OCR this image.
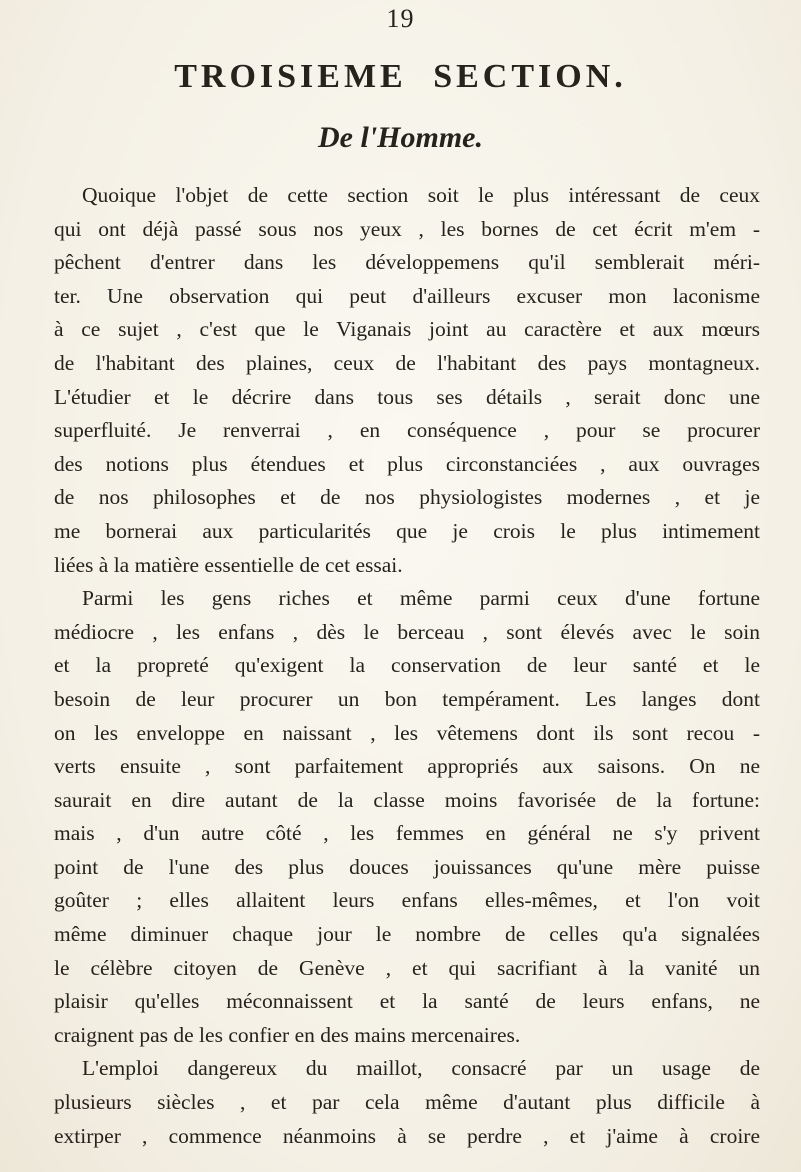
19
TROISIEME SECTION.
De l'Homme.
Quoique l'objet de cette section soit le plus intéressant de ceux
qui ont déjà passé sous nos yeux , les bornes de cet écrit m'em -
pêchent d'entrer dans les développemens qu'il semblerait méri-
ter. Une observation qui peut d'ailleurs excuser mon laconisme
à ce sujet , c'est que le Viganais joint au caractère et aux mœurs
de l'habitant des plaines, ceux de l'habitant des pays montagneux.
L'étudier et le décrire dans tous ses détails , serait donc une
superfluité. Je renverrai , en conséquence , pour se procurer
des notions plus étendues et plus circonstanciées , aux ouvrages
de nos philosophes et de nos physiologistes modernes , et je
me bornerai aux particularités que je crois le plus intimement
liées à la matière essentielle de cet essai.
Parmi les gens riches et même parmi ceux d'une fortune
médiocre , les enfans , dès le berceau , sont élevés avec le soin
et la propreté qu'exigent la conservation de leur santé et le
besoin de leur procurer un bon tempérament. Les langes dont
on les enveloppe en naissant , les vêtemens dont ils sont recou -
verts ensuite , sont parfaitement appropriés aux saisons. On ne
saurait en dire autant de la classe moins favorisée de la fortune:
mais , d'un autre côté , les femmes en général ne s'y privent
point de l'une des plus douces jouissances qu'une mère puisse
goûter ; elles allaitent leurs enfans elles-mêmes, et l'on voit
même diminuer chaque jour le nombre de celles qu'a signalées
le célèbre citoyen de Genève , et qui sacrifiant à la vanité un
plaisir qu'elles méconnaissent et la santé de leurs enfans, ne
craignent pas de les confier en des mains mercenaires.
L'emploi dangereux du maillot, consacré par un usage de
plusieurs siècles , et par cela même d'autant plus difficile à
extirper , commence néanmoins à se perdre , et j'aime à croire
